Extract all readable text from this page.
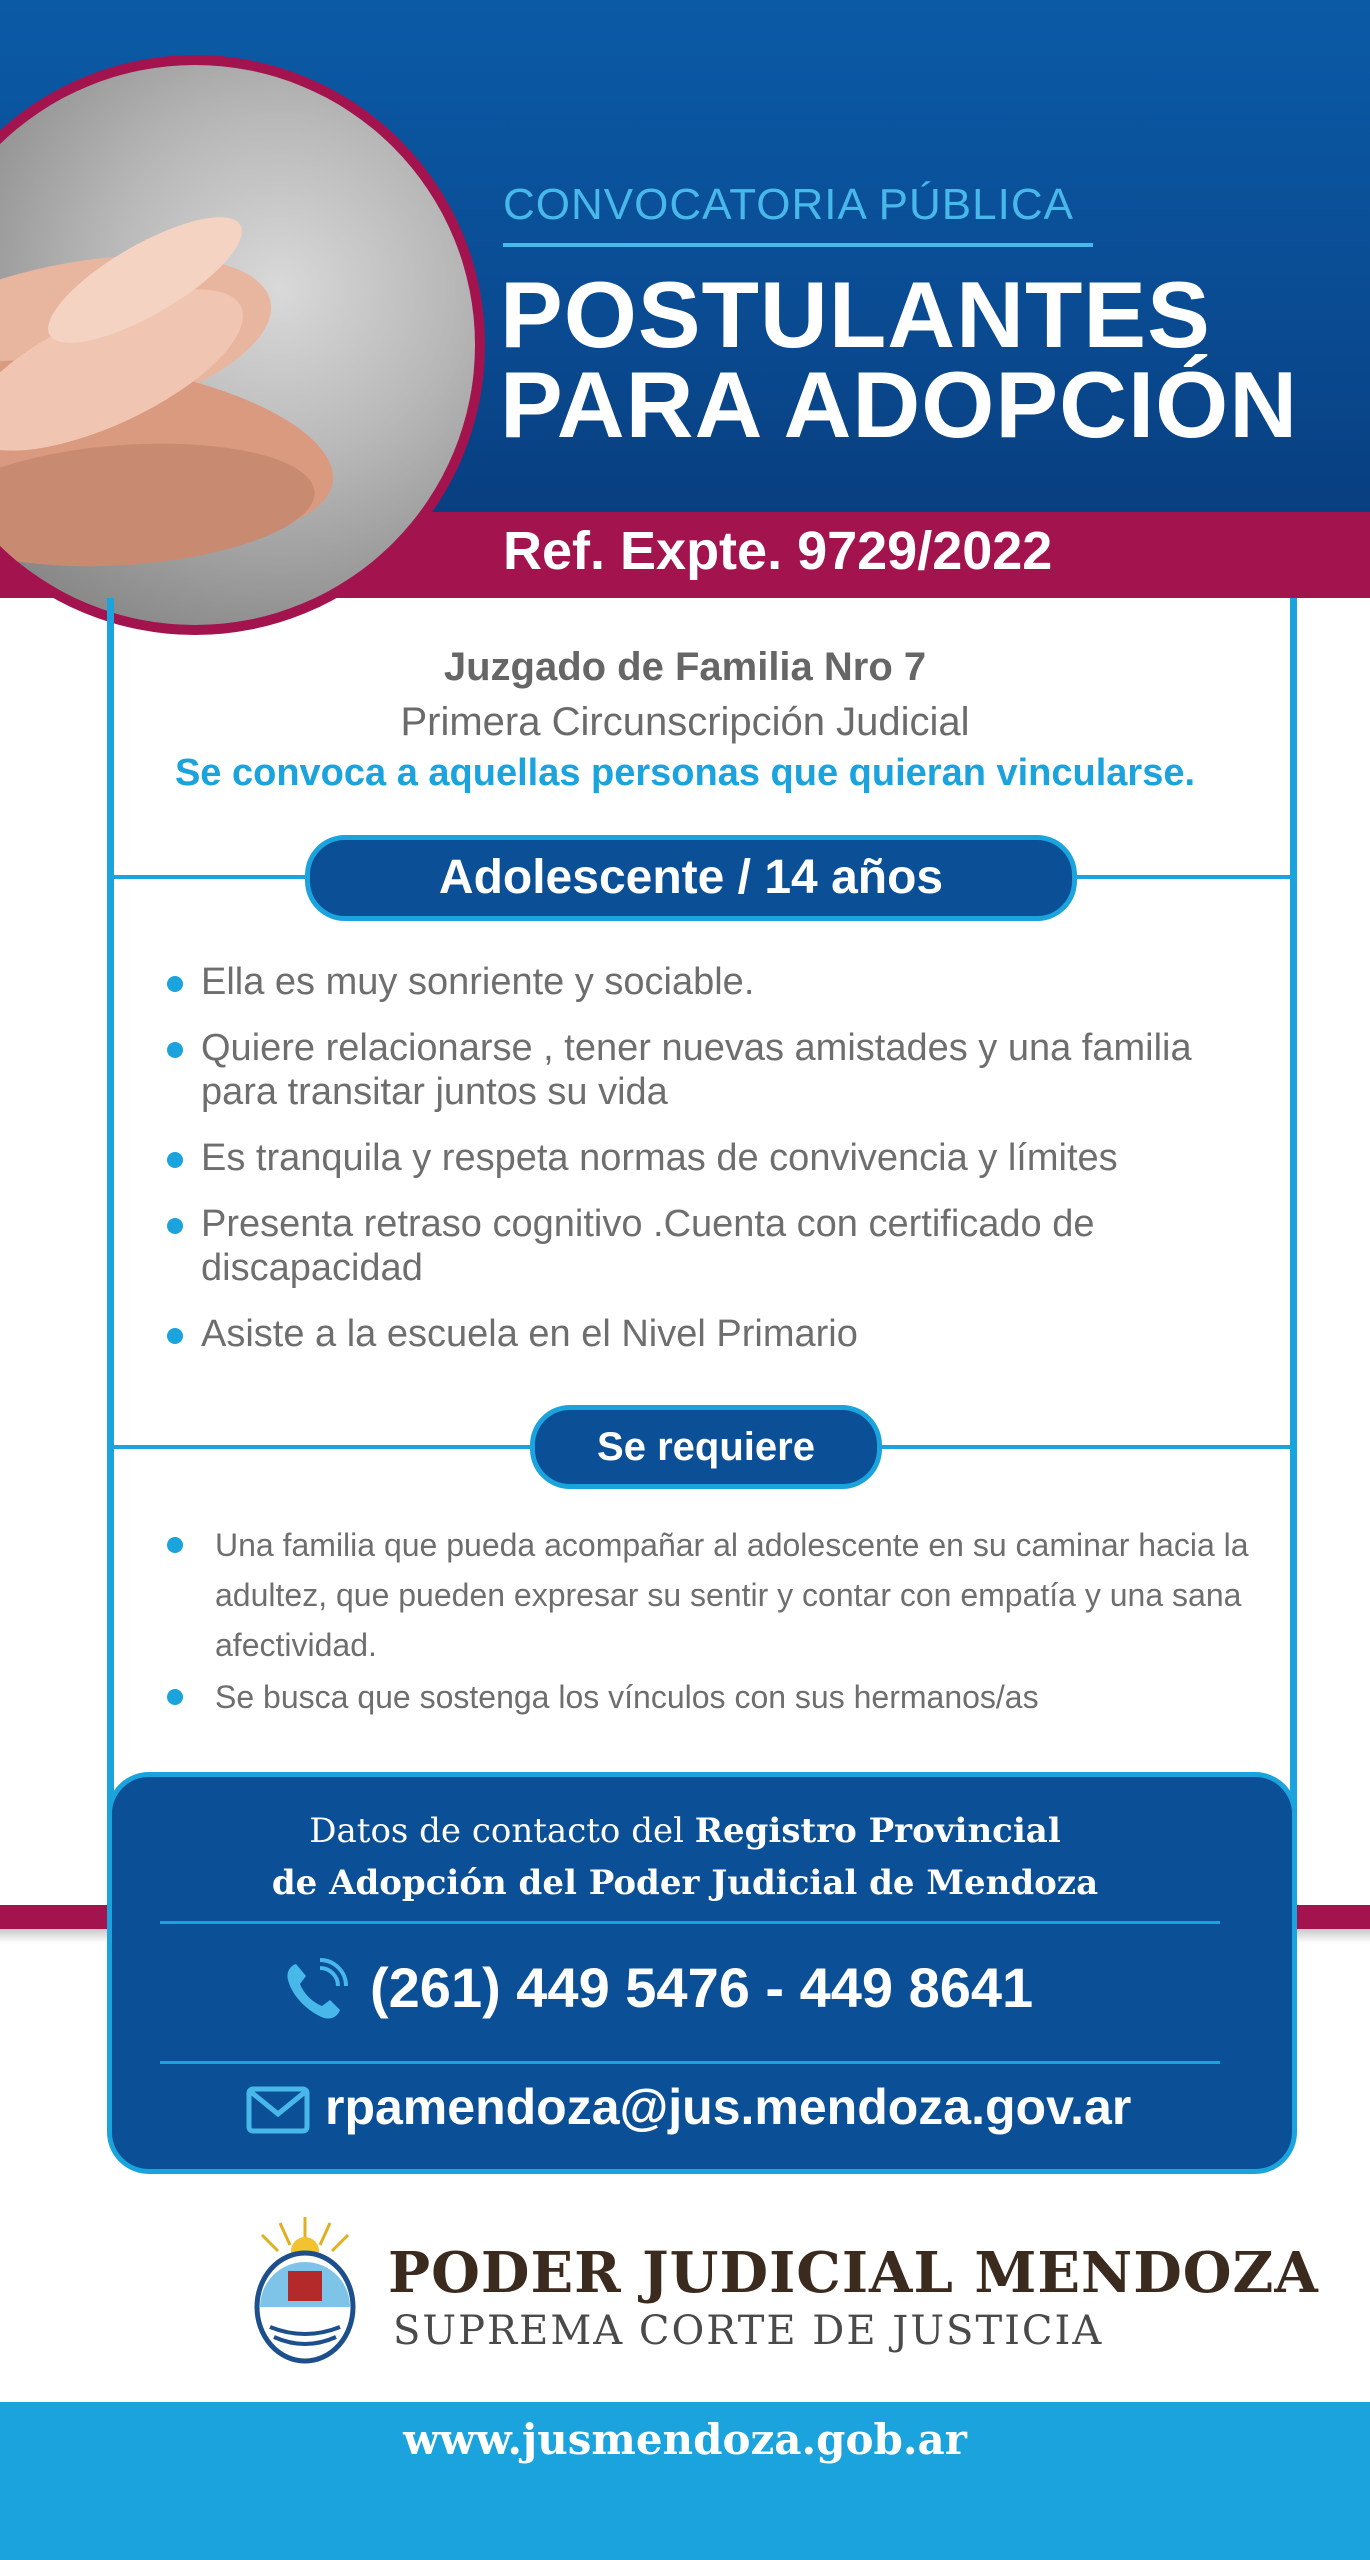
CONVOCATORIA PÚBLICA
POSTULANTES
PARA ADOPCIÓN
Ref. Expte. 9729/2022
Juzgado de Familia Nro 7
Primera Circunscripción Judicial
Se convoca a aquellas personas que quieran vincularse.
Adolescente / 14 años
Ella es muy sonriente y sociable.
Quiere relacionarse , tener nuevas amistades y una familia para transitar juntos su vida
Es tranquila y respeta normas de convivencia y límites
Presenta retraso cognitivo .Cuenta con certificado de discapacidad
Asiste a la escuela en el Nivel Primario
Se requiere
Una familia que pueda acompañar al adolescente en su caminar hacia la adultez, que pueden expresar su sentir y contar con empatía y una sana afectividad.
Se busca que sostenga los vínculos con sus hermanos/as
Datos de contacto del Registro Provincial
de Adopción del Poder Judicial de Mendoza
(261) 449 5476 - 449 8641
rpamendoza@jus.mendoza.gov.ar
PODER JUDICIAL MENDOZA
SUPREMA CORTE DE JUSTICIA
www.jusmendoza.gob.ar
